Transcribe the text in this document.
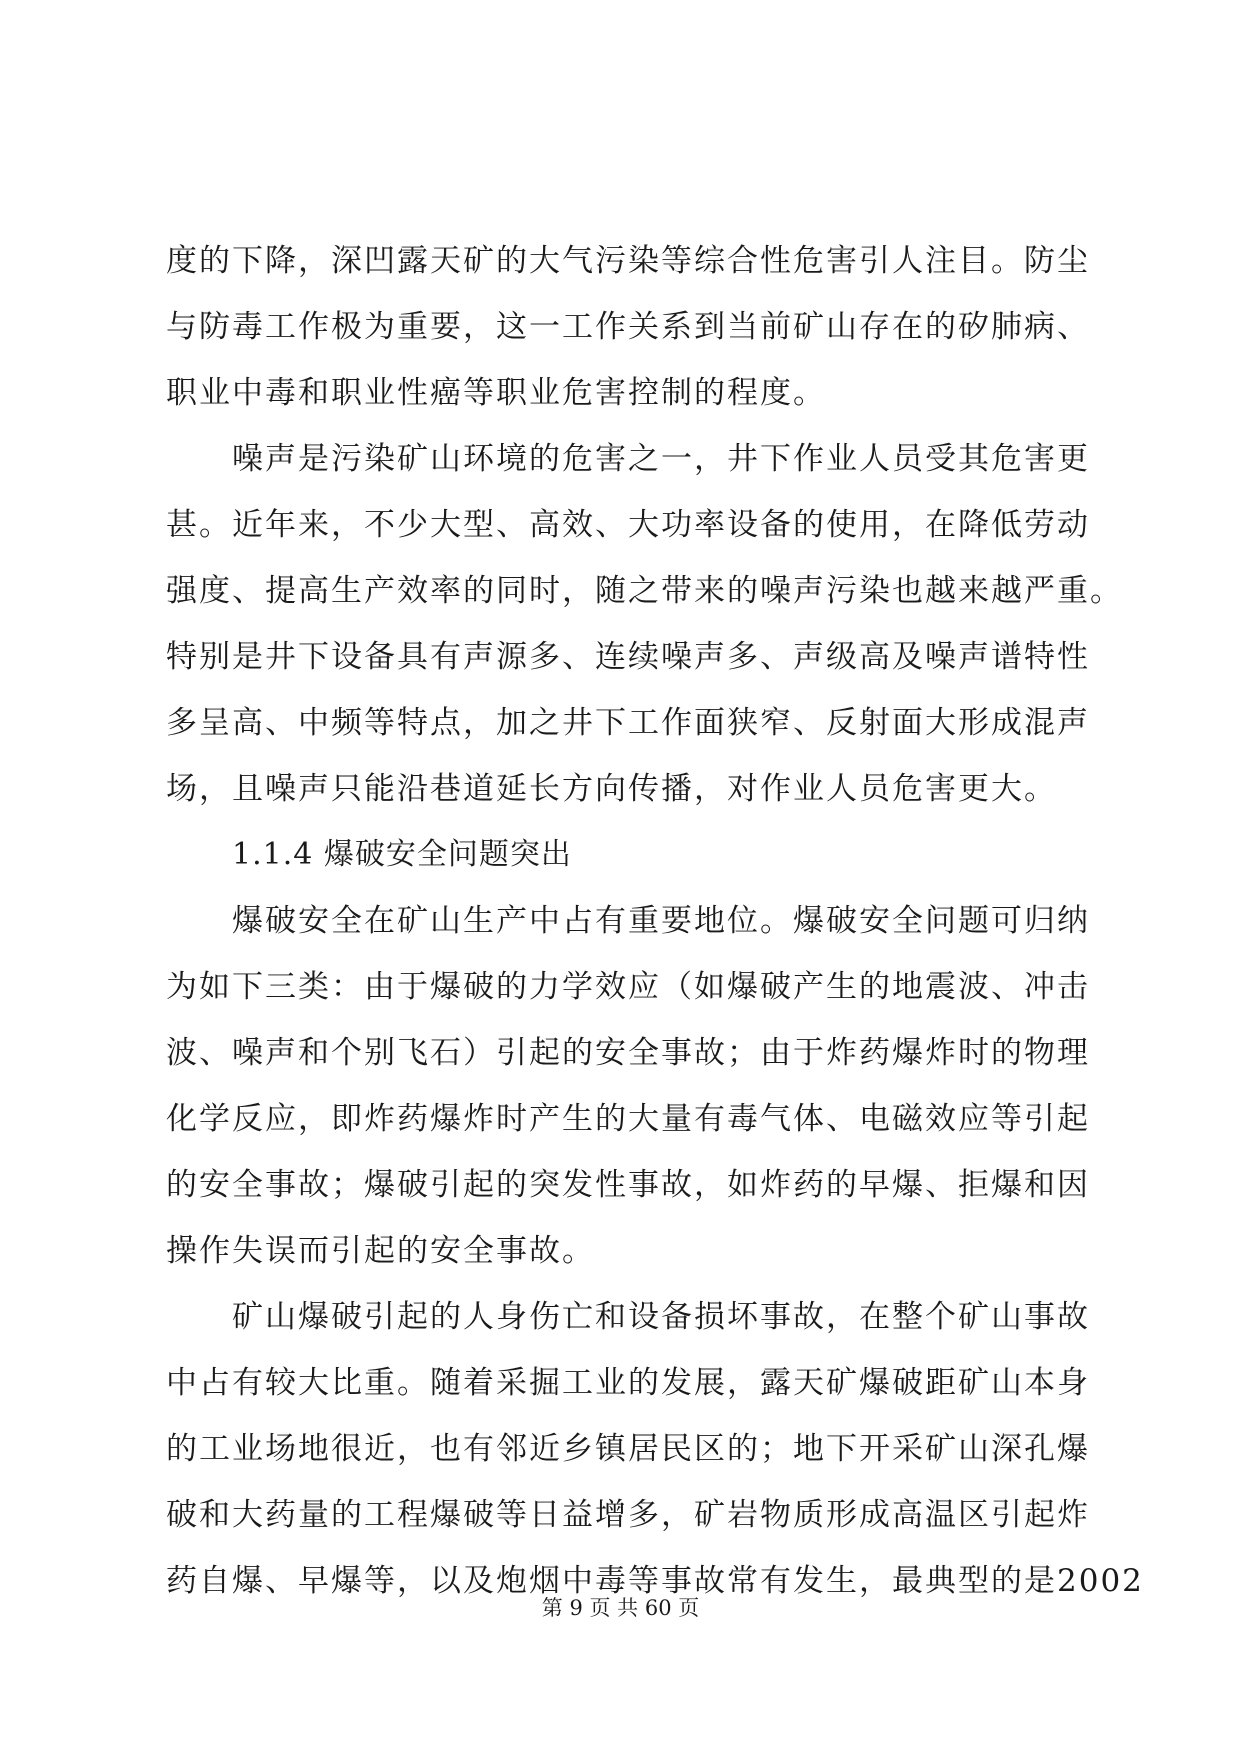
度的下降，深凹露天矿的大气污染等综合性危害引人注目。防尘
与防毒工作极为重要，这一工作关系到当前矿山存在的矽肺病、
职业中毒和职业性癌等职业危害控制的程度。
噪声是污染矿山环境的危害之一，井下作业人员受其危害更
甚。近年来，不少大型、高效、大功率设备的使用，在降低劳动
强度、提高生产效率的同时，随之带来的噪声污染也越来越严重。
特别是井下设备具有声源多、连续噪声多、声级高及噪声谱特性
多呈高、中频等特点，加之井下工作面狭窄、反射面大形成混声
场，且噪声只能沿巷道延长方向传播，对作业人员危害更大。
1.1.4 爆破安全问题突出
爆破安全在矿山生产中占有重要地位。爆破安全问题可归纳
为如下三类：由于爆破的力学效应（如爆破产生的地震波、冲击
波、噪声和个别飞石）引起的安全事故；由于炸药爆炸时的物理
化学反应，即炸药爆炸时产生的大量有毒气体、电磁效应等引起
的安全事故；爆破引起的突发性事故，如炸药的早爆、拒爆和因
操作失误而引起的安全事故。
矿山爆破引起的人身伤亡和设备损坏事故，在整个矿山事故
中占有较大比重。随着采掘工业的发展，露天矿爆破距矿山本身
的工业场地很近，也有邻近乡镇居民区的；地下开采矿山深孔爆
破和大药量的工程爆破等日益增多，矿岩物质形成高温区引起炸
药自爆、早爆等，以及炮烟中毒等事故常有发生，最典型的是2002
第 9 页 共 60 页
